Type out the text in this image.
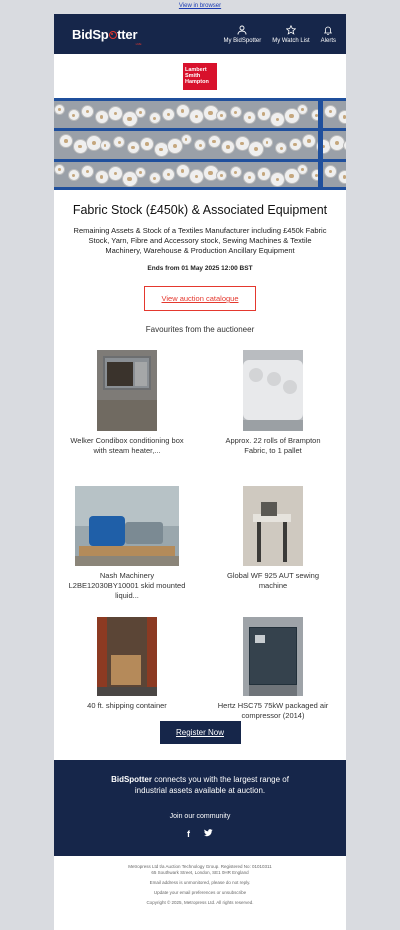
View in browser
BidSp tter
LIVE	My BidSpotter My Watch List Alerts
Lambert
Smith
Hampton
Fabric Stock (£450k) & Associated Equipment
Remaining Assets & Stock of a Textiles Manufacturer including £450k Fabric Stock, Yarn, Fibre and Accessory stock, Sewing Machines & Textile Machinery, Warehouse & Production Ancillary Equipment
Ends from 01 May 2025 12:00 BST
View auction catalogue
Favourites from the auctioneer
Welker Condibox conditioning box with steam heater,...
Approx. 22 rolls of Brampton Fabric, to 1 pallet
Nash Machinery L2BE12030BY10001 skid mounted liquid...
Global WF 925 AUT sewing machine
40 ft. shipping container	Hertz HSC75 75kW packaged air compressor (2014)
Register Now
BidSpotter connects you with the largest range of industrial assets available at auction.
Join our community
f

Metropress Ltd t/a Auction Technology Group. Registered No: 01010311
65 Southwark Street, London, SE1 0HR England

Email address is unmonitored, please do not reply.

Update your email preferences or unsubscribe

Copyright © 2025, Metropress Ltd. All rights reserved.
